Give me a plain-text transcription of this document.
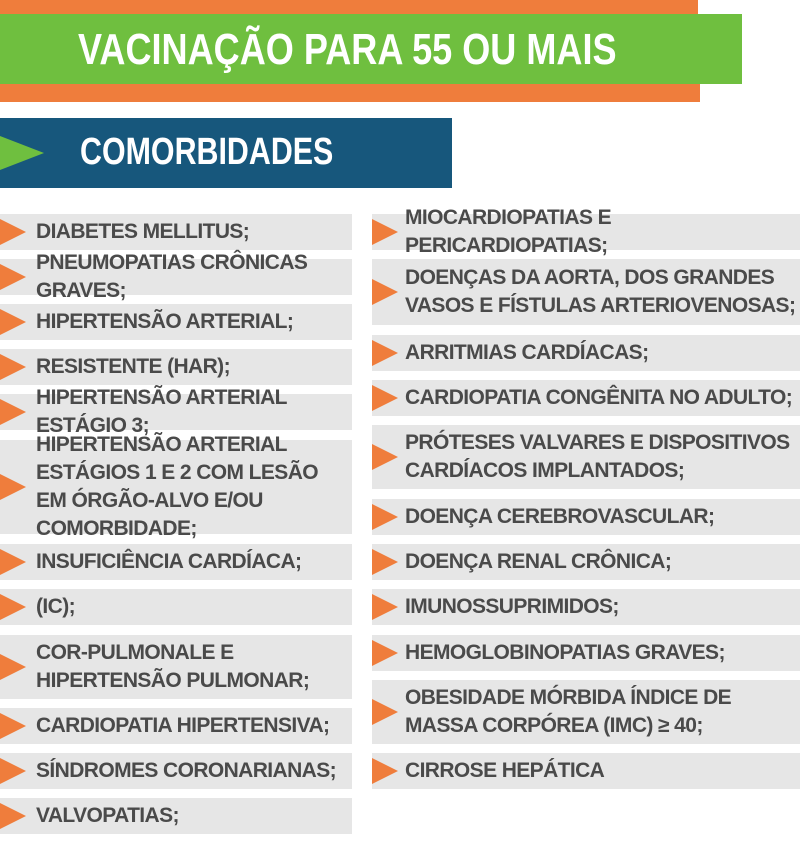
VACINAÇÃO PARA 55 OU MAIS
COMORBIDADES
DIABETES MELLITUS;
PNEUMOPATIAS CRÔNICAS GRAVES;
HIPERTENSÃO ARTERIAL;
RESISTENTE (HAR);
HIPERTENSÃO ARTERIAL ESTÁGIO 3;
HIPERTENSÃO ARTERIAL ESTÁGIOS 1 E 2 COM LESÃO EM ÓRGÃO-ALVO E/OU COMORBIDADE;
INSUFICIÊNCIA CARDÍACA;
(IC);
COR-PULMONALE E HIPERTENSÃO PULMONAR;
CARDIOPATIA HIPERTENSIVA;
SÍNDROMES CORONARIANAS;
VALVOPATIAS;
MIOCARDIOPATIAS E PERICARDIOPATIAS;
DOENÇAS DA AORTA, DOS GRANDES VASOS E FÍSTULAS ARTERIOVENOSAS;
ARRITMIAS CARDÍACAS;
CARDIOPATIA CONGÊNITA NO ADULTO;
PRÓTESES VALVARES E DISPOSITIVOS CARDÍACOS IMPLANTADOS;
DOENÇA CEREBROVASCULAR;
DOENÇA RENAL CRÔNICA;
IMUNOSSUPRIMIDOS;
HEMOGLOBINOPATIAS GRAVES;
OBESIDADE MÓRBIDA ÍNDICE DE MASSA CORPÓREA (IMC) ≥ 40;
CIRROSE HEPÁTICA
